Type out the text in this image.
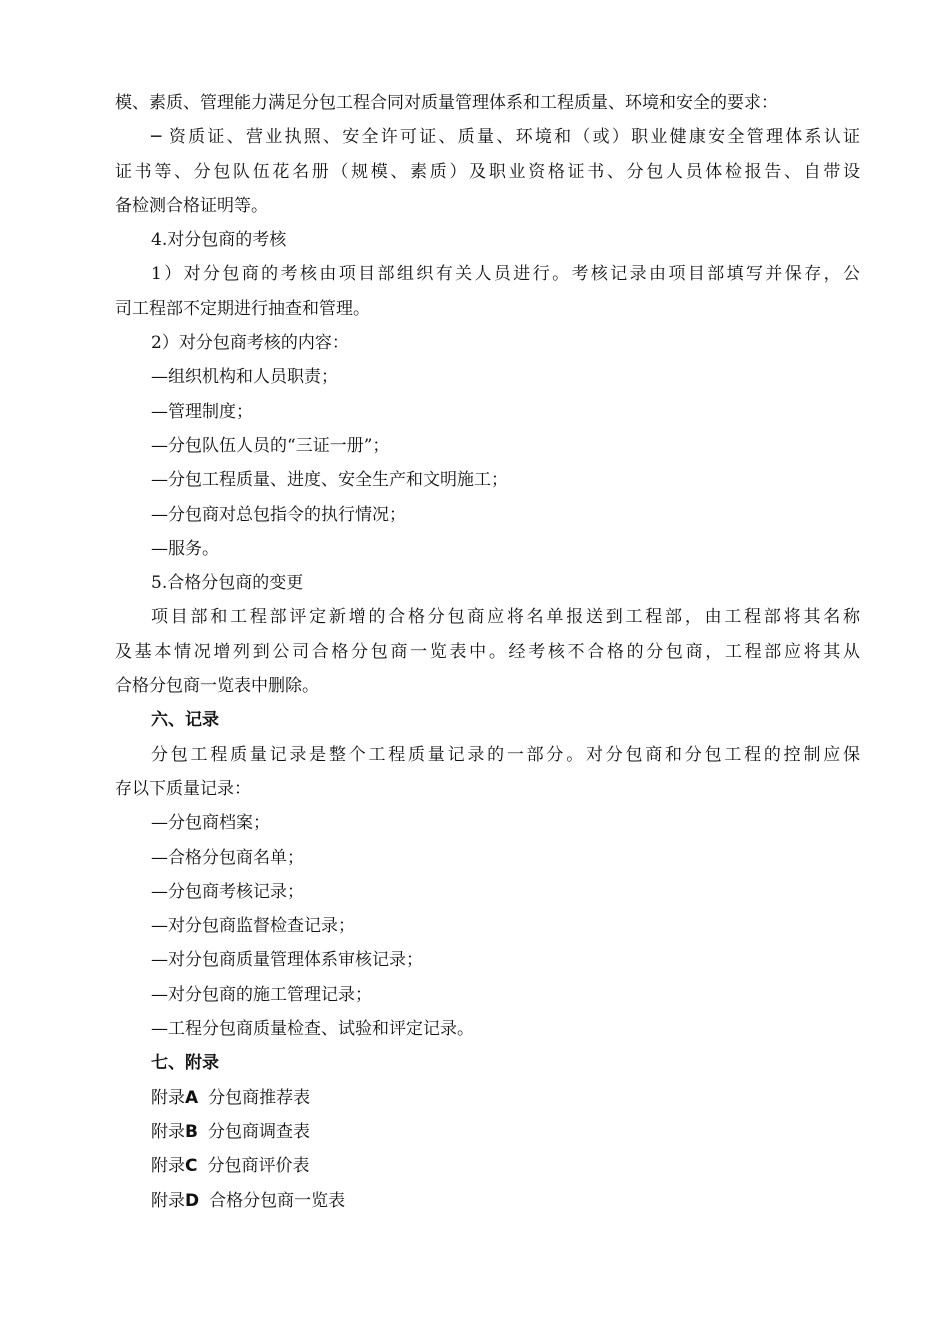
模、素质、管理能力满足分包工程合同对质量管理体系和工程质量、环境和安全的要求：
─ 资质证、营业执照、安全许可证、质量、环境和（或）职业健康安全管理体系认证
证书等、分包队伍花名册（规模、素质）及职业资格证书、分包人员体检报告、自带设
备检测合格证明等。
4.对分包商的考核
1）对分包商的考核由项目部组织有关人员进行。考核记录由项目部填写并保存，公
司工程部不定期进行抽查和管理。
2）对分包商考核的内容：
—组织机构和人员职责；
—管理制度；
—分包队伍人员的“三证一册”；
—分包工程质量、进度、安全生产和文明施工；
—分包商对总包指令的执行情况；
—服务。
5.合格分包商的变更
项目部和工程部评定新增的合格分包商应将名单报送到工程部，由工程部将其名称
及基本情况增列到公司合格分包商一览表中。经考核不合格的分包商，工程部应将其从
合格分包商一览表中删除。
六、记录
分包工程质量记录是整个工程质量记录的一部分。对分包商和分包工程的控制应保
存以下质量记录：
—分包商档案；
—合格分包商名单；
—分包商考核记录；
—对分包商监督检查记录；
—对分包商质量管理体系审核记录；
—对分包商的施工管理记录；
—工程分包商质量检查、试验和评定记录。
七、附录
附录A 分包商推荐表
附录B 分包商调查表
附录C 分包商评价表
附录D 合格分包商一览表
